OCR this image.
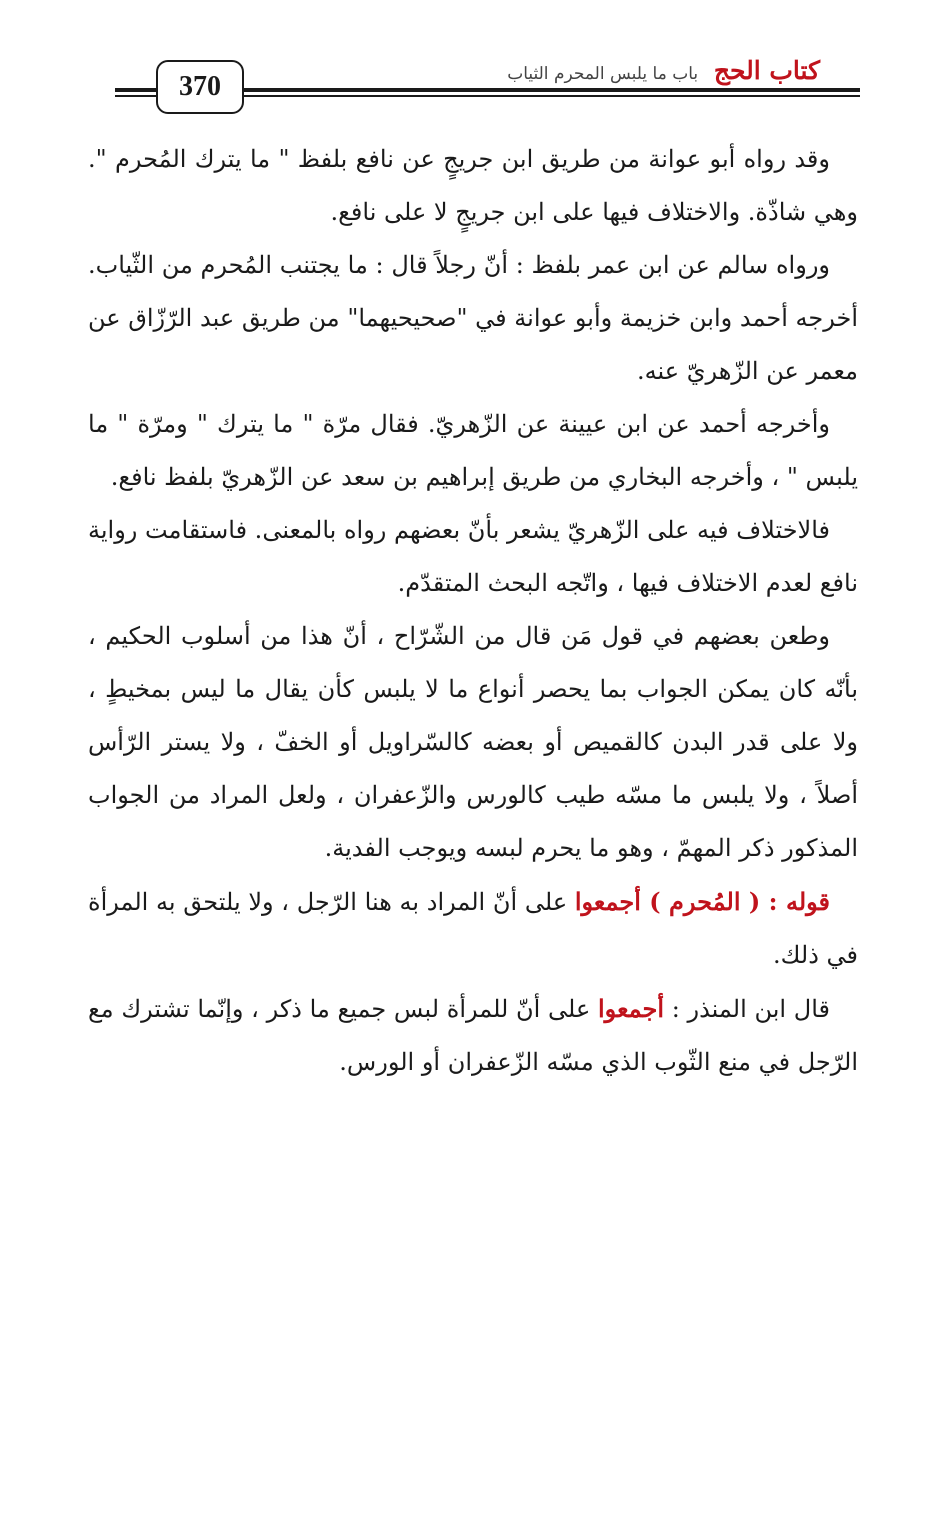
كتاب الحج باب ما يلبس المحرم الثياب
370

وقد رواه أبو عوانة من طريق ابن جريجٍ عن نافع بلفظ " ما يترك المُحرم ". وهي شاذّة. والاختلاف فيها على ابن جريجٍ لا على نافع.

ورواه سالم عن ابن عمر بلفظ : أنّ رجلاً قال : ما يجتنب المُحرم من الثّياب. أخرجه أحمد وابن خزيمة وأبو عوانة في "صحيحيهما" من طريق عبد الرّزّاق عن معمر عن الزّهريّ عنه.

وأخرجه أحمد عن ابن عيينة عن الزّهريّ. فقال مرّة " ما يترك " ومرّة " ما يلبس " ، وأخرجه البخاري من طريق إبراهيم بن سعد عن الزّهريّ بلفظ نافع.

فالاختلاف فيه على الزّهريّ يشعر بأنّ بعضهم رواه بالمعنى. فاستقامت رواية نافع لعدم الاختلاف فيها ، واتّجه البحث المتقدّم.

وطعن بعضهم في قول مَن قال من الشّرّاح ، أنّ هذا من أسلوب الحكيم ، بأنّه كان يمكن الجواب بما يحصر أنواع ما لا يلبس كأن يقال ما ليس بمخيطٍ ، ولا على قدر البدن كالقميص أو بعضه كالسّراويل أو الخفّ ، ولا يستر الرّأس أصلاً ، ولا يلبس ما مسّه طيب كالورس والزّعفران ، ولعل المراد من الجواب المذكور ذكر المهمّ ، وهو ما يحرم لبسه ويوجب الفدية.

قوله : ( المُحرم ) أجمعوا على أنّ المراد به هنا الرّجل ، ولا يلتحق به المرأة في ذلك.

قال ابن المنذر : أجمعوا على أنّ للمرأة لبس جميع ما ذكر ، وإنّما تشترك مع الرّجل في منع الثّوب الذي مسّه الزّعفران أو الورس.
